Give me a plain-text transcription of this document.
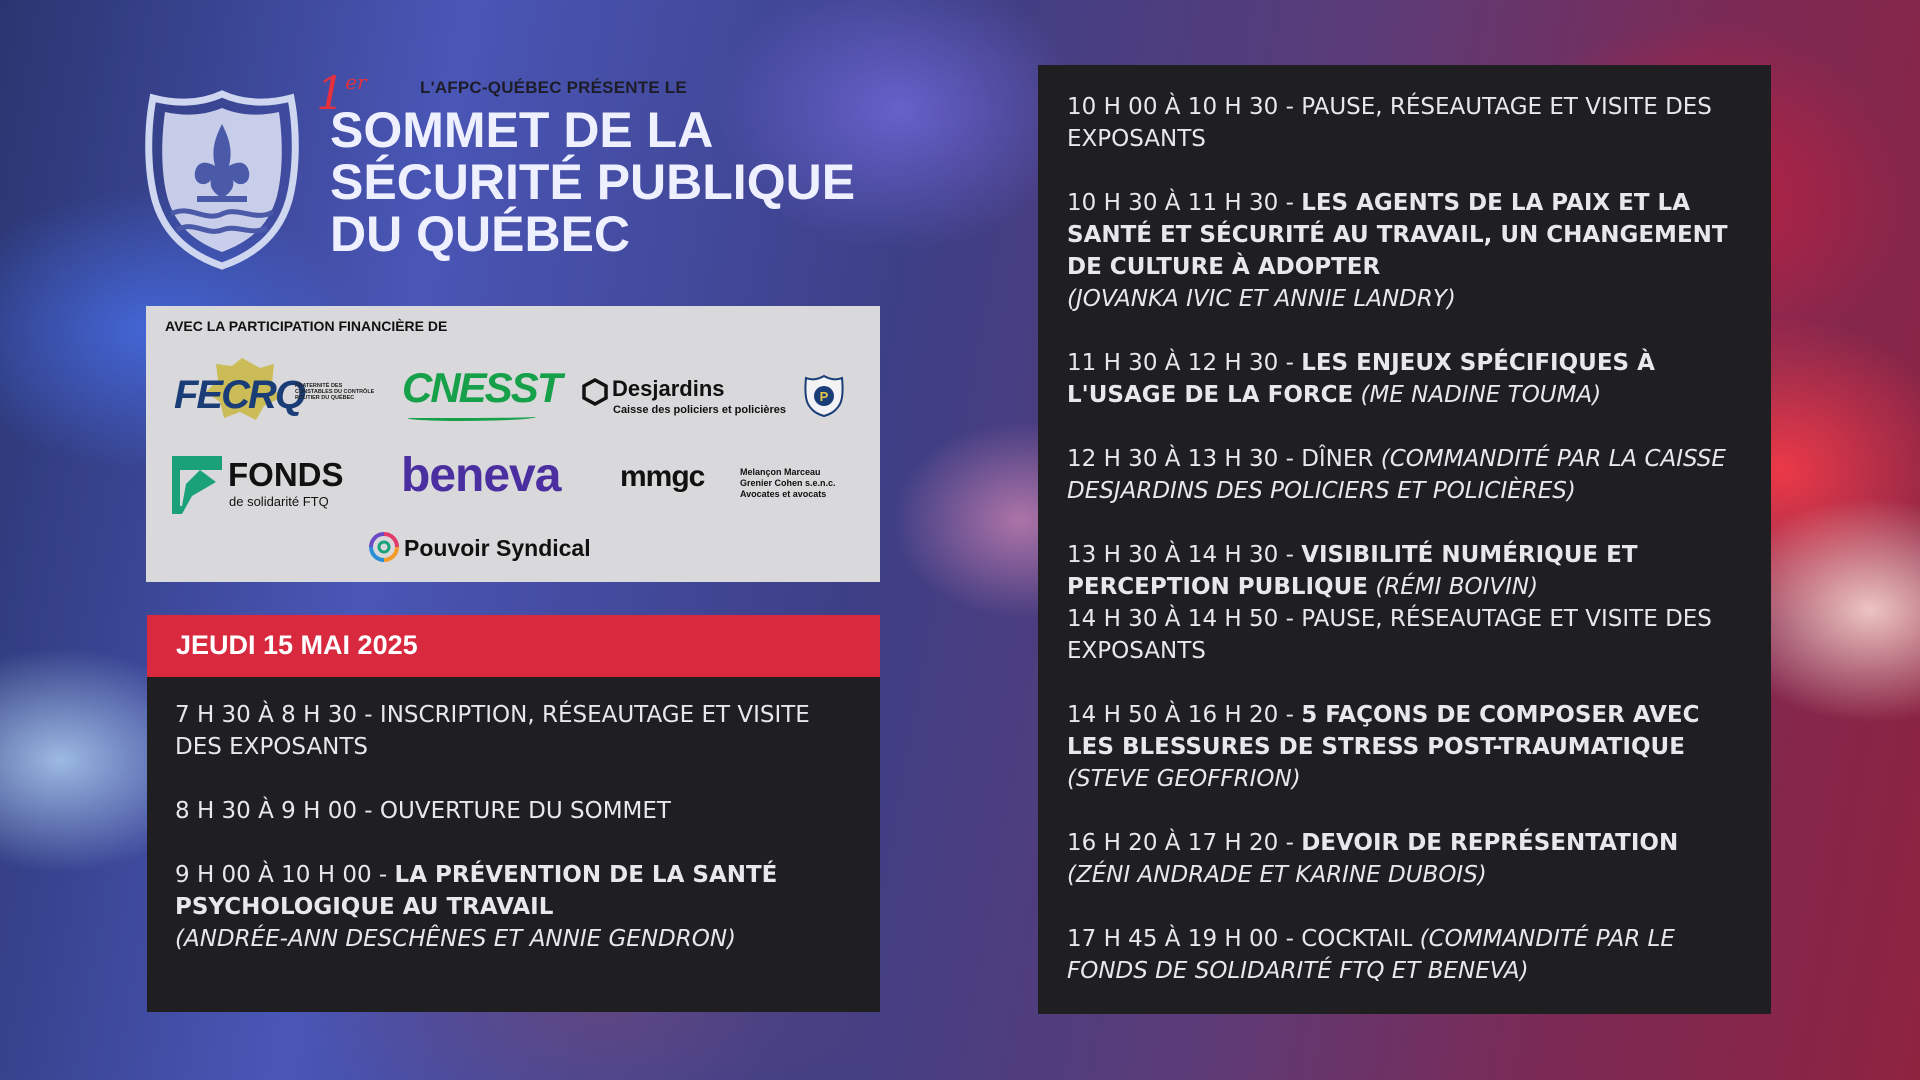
1er	L'AFPC-QUÉBEC PRÉSENTE LE
SOMMET DE LA
SÉCURITÉ PUBLIQUE
DU QUÉBEC
AVEC LA PARTICIPATION FINANCIÈRE DE
FECRQ
FRATERNITÉ DES CONSTABLES DU CONTRÔLE ROUTIER DU QUÉBEC	CNESST Desjardins
Caisse des policiers et policières
P
FONDS
de solidarité FTQ beneva mmgc	Melançon Marceau
Grenier Cohen s.e.n.c.
Avocates et avocats
Pouvoir Syndical
JEUDI 15 MAI 2025
7 H 30 À 8 H 30 - INSCRIPTION, RÉSEAUTAGE ET VISITE DES EXPOSANTS
8 H 30 À 9 H 00 - OUVERTURE DU SOMMET
9 H 00 À 10 H 00 - LA PRÉVENTION DE LA SANTÉ PSYCHOLOGIQUE AU TRAVAIL
(ANDRÉE-ANN DESCHÊNES ET ANNIE GENDRON)
10 H 00 À 10 H 30 - PAUSE, RÉSEAUTAGE ET VISITE DES EXPOSANTS
10 H 30 À 11 H 30 - LES AGENTS DE LA PAIX ET LA SANTÉ ET SÉCURITÉ AU TRAVAIL, UN CHANGEMENT DE CULTURE À ADOPTER
(JOVANKA IVIC ET ANNIE LANDRY)
11 H 30 À 12 H 30 - LES ENJEUX SPÉCIFIQUES À L'USAGE DE LA FORCE (ME NADINE TOUMA)
12 H 30 À 13 H 30 - DÎNER (COMMANDITÉ PAR LA CAISSE DESJARDINS DES POLICIERS ET POLICIÈRES)
13 H 30 À 14 H 30 - VISIBILITÉ NUMÉRIQUE ET PERCEPTION PUBLIQUE (RÉMI BOIVIN)
14 H 30 À 14 H 50 - PAUSE, RÉSEAUTAGE ET VISITE DES EXPOSANTS
14 H 50 À 16 H 20 - 5 FAÇONS DE COMPOSER AVEC LES BLESSURES DE STRESS POST-TRAUMATIQUE
(STEVE GEOFFRION)
16 H 20 À 17 H 20 - DEVOIR DE REPRÉSENTATION
(ZÉNI ANDRADE ET KARINE DUBOIS)
17 H 45 À 19 H 00 - COCKTAIL (COMMANDITÉ PAR LE FONDS DE SOLIDARITÉ FTQ ET BENEVA)
